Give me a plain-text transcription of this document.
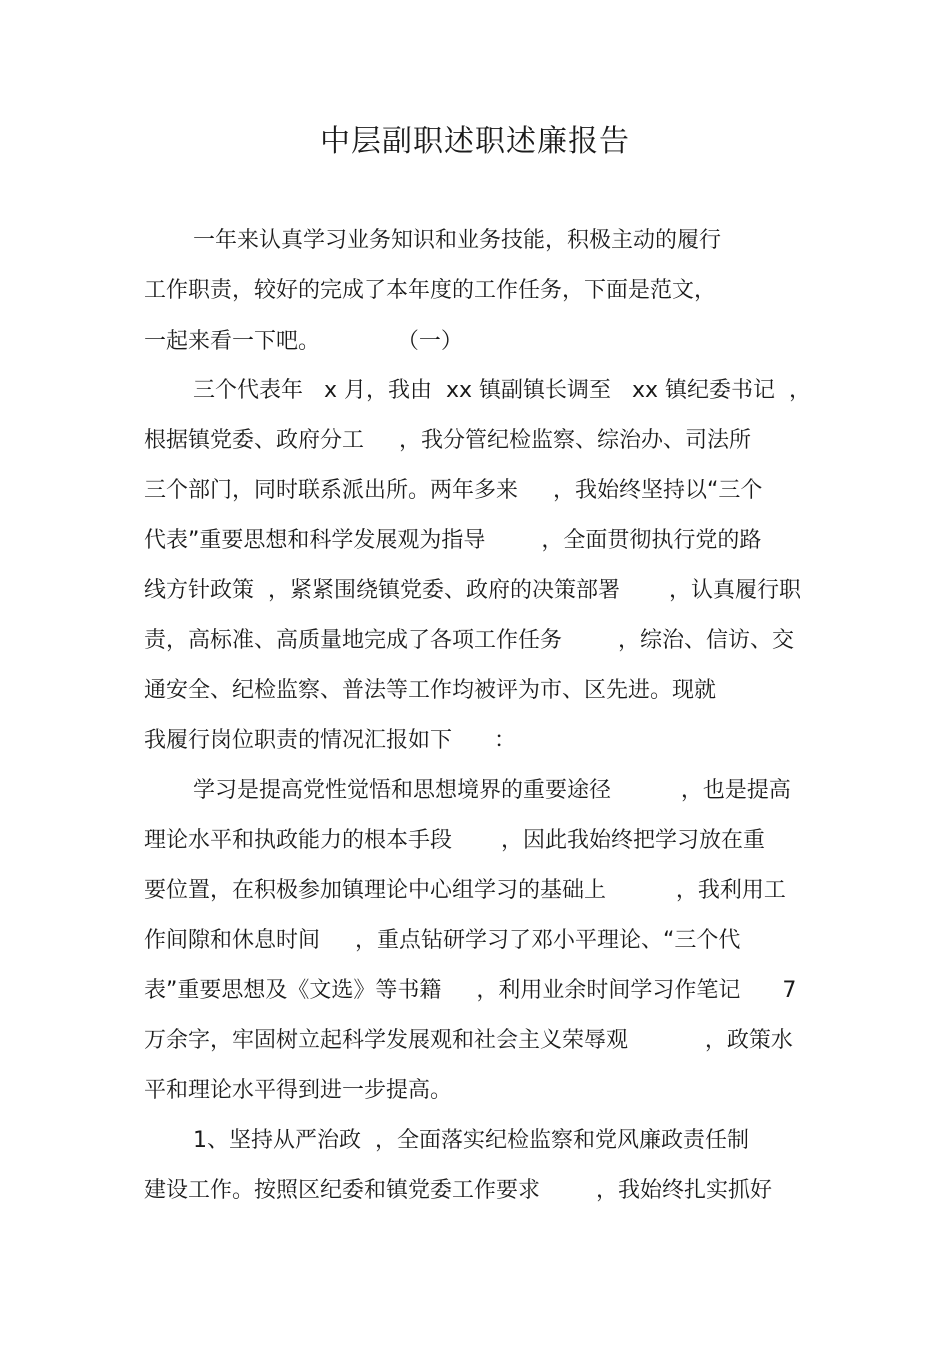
中层副职述职述廉报告
一年来认真学习业务知识和业务技能，积极主动的履行
工作职责，较好的完成了本年度的工作任务，下面是范文，
一起来看一下吧。           （一）
三个代表年   x 月，我由  xx 镇副镇长调至   xx 镇纪委书记  ，
根据镇党委、政府分工     ，我分管纪检监察、综治办、司法所
三个部门，同时联系派出所。两年多来     ，我始终坚持以“三个
代表”重要思想和科学发展观为指导        ，全面贯彻执行党的路
线方针政策  ，紧紧围绕镇党委、政府的决策部署       ，认真履行职
责，高标准、高质量地完成了各项工作任务        ，综治、信访、交
通安全、纪检监察、普法等工作均被评为市、区先进。现就
我履行岗位职责的情况汇报如下      ：
学习是提高党性觉悟和思想境界的重要途径          ，也是提高
理论水平和执政能力的根本手段       ，因此我始终把学习放在重
要位置，在积极参加镇理论中心组学习的基础上          ，我利用工
作间隙和休息时间     ，重点钻研学习了邓小平理论、“三个代
表”重要思想及《文选》等书籍     ，利用业余时间学习作笔记      7
万余字，牢固树立起科学发展观和社会主义荣辱观           ，政策水
平和理论水平得到进一步提高。
1、坚持从严治政  ，全面落实纪检监察和党风廉政责任制
建设工作。按照区纪委和镇党委工作要求        ，我始终扎实抓好
